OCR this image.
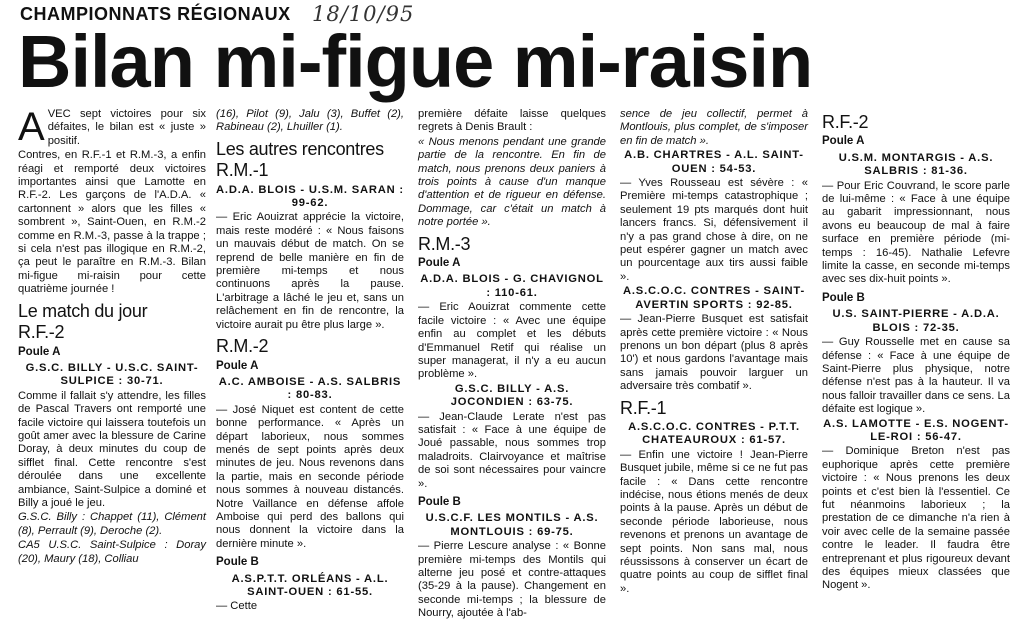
CHAMPIONNATS RÉGIONAUX 18/10/95
Bilan mi-figue mi-raisin

AVEC sept victoires pour six défaites, le bilan est « juste » positif.

Contres, en R.F.-1 et R.M.-3, a enfin réagi et remporté deux victoires importantes ainsi que Lamotte en R.F.-2. Les garçons de l'A.D.A. « cartonnent » alors que les filles « sombrent », Saint-Ouen, en R.M.-2 comme en R.M.-3, passe à la trappe ; si cela n'est pas illogique en R.M.-2, ça peut le paraître en R.M.-3. Bilan mi-figue mi-raisin pour cette quatrième journée !

Le match du jour
R.F.-2
Poule A

G.S.C. BILLY - U.S.C. SAINT-SULPICE : 30-71.

Comme il fallait s'y attendre, les filles de Pascal Travers ont remporté une facile victoire qui laissera toutefois un goût amer avec la blessure de Carine Doray, à deux minutes du coup de sifflet final. Cette rencontre s'est déroulée dans une excellente ambiance, Saint-Sulpice a dominé et Billy a joué le jeu.

G.S.C. Billy : Chappet (11), Clément (8), Perrault (9), Deroche (2).

CA5 U.S.C. Saint-Sulpice : Doray (20), Maury (18), Colliau

(16), Pilot (9), Jalu (3), Buffet (2), Rabineau (2), Lhuiller (1).

Les autres rencontres
R.M.-1

A.D.A. BLOIS - U.S.M. SARAN : 99-62.

— Eric Aouizrat apprécie la victoire, mais reste modéré : « Nous faisons un mauvais début de match. On se reprend de belle manière en fin de première mi-temps et nous continuons après la pause. L'arbitrage a lâché le jeu et, sans un relâchement en fin de rencontre, la victoire aurait pu être plus large ».

R.M.-2
Poule A

A.C. AMBOISE - A.S. SALBRIS : 80-83.

— José Niquet est content de cette bonne performance. « Après un départ laborieux, nous sommes menés de sept points après deux minutes de jeu. Nous revenons dans la partie, mais en seconde période nous sommes à nouveau distancés. Notre Vaillance en défense affole Amboise qui perd des ballons qui nous donnent la victoire dans la dernière minute ».

Poule B

A.S.P.T.T. ORLÉANS - A.L. SAINT-OUEN : 61-55.

— Cette

première défaite laisse quelques regrets à Denis Brault :

« Nous menons pendant une grande partie de la rencontre. En fin de match, nous prenons deux paniers à trois points à cause d'un manque d'attention et de rigueur en défense. Dommage, car c'était un match à notre portée ».

R.M.-3
Poule A

A.D.A. BLOIS - G. CHAVIGNOL : 110-61.

— Eric Aouizrat commente cette facile victoire : « Avec une équipe enfin au complet et les débuts d'Emmanuel Retif qui réalise un super managerat, il n'y a eu aucun problème ».

G.S.C. BILLY - A.S. JOCONDIEN : 63-75.

— Jean-Claude Lerate n'est pas satisfait : « Face à une équipe de Joué passable, nous sommes trop maladroits. Clairvoyance et maîtrise de soi sont nécessaires pour vaincre ».

Poule B

U.S.C.F. LES MONTILS - A.S. MONTLOUIS : 69-75.

— Pierre Lescure analyse : « Bonne première mi-temps des Montils qui alterne jeu posé et contre-attaques (35-29 à la pause). Changement en seconde mi-temps ; la blessure de Nourry, ajoutée à l'ab-

sence de jeu collectif, permet à Montlouis, plus complet, de s'imposer en fin de match ».

A.B. CHARTRES - A.L. SAINT-OUEN : 54-53.

— Yves Rousseau est sévère : « Première mi-temps catastrophique ; seulement 19 pts marqués dont huit lancers francs. Si, défensivement il n'y a pas grand chose à dire, on ne peut espérer gagner un match avec un pourcentage aux tirs aussi faible ».

A.S.C.O.C. CONTRES - SAINT-AVERTIN SPORTS : 92-85.

— Jean-Pierre Busquet est satisfait après cette première victoire : « Nous prenons un bon départ (plus 8 après 10') et nous gardons l'avantage mais sans jamais pouvoir larguer un adversaire très combatif ».

R.F.-1

A.S.C.O.C. CONTRES - P.T.T. CHATEAUROUX : 61-57.

— Enfin une victoire ! Jean-Pierre Busquet jubile, même si ce ne fut pas facile : « Dans cette rencontre indécise, nous étions menés de deux points à la pause. Après un début de seconde période laborieuse, nous revenons et prenons un avantage de sept points. Non sans mal, nous réussissons à conserver un écart de quatre points au coup de sifflet final ».

R.F.-2
Poule A

U.S.M. MONTARGIS - A.S. SALBRIS : 81-36.

— Pour Eric Couvrand, le score parle de lui-même : « Face à une équipe au gabarit impressionnant, nous avons eu beaucoup de mal à faire surface en première période (mi-temps : 16-45). Nathalie Lefevre limite la casse, en seconde mi-temps avec ses dix-huit points ».

Poule B

U.S. SAINT-PIERRE - A.D.A. BLOIS : 72-35.

— Guy Rousselle met en cause sa défense : « Face à une équipe de Saint-Pierre plus physique, notre défense n'est pas à la hauteur. Il va nous falloir travailler dans ce sens. La défaite est logique ».

A.S. LAMOTTE - E.S. NOGENT-LE-ROI : 56-47.

— Dominique Breton n'est pas euphorique après cette première victoire : « Nous prenons les deux points et c'est bien là l'essentiel. Ce fut néanmoins laborieux ; la prestation de ce dimanche n'a rien à voir avec celle de la semaine passée contre le leader. Il faudra être entreprenant et plus rigoureux devant des équipes mieux classées que Nogent ».
